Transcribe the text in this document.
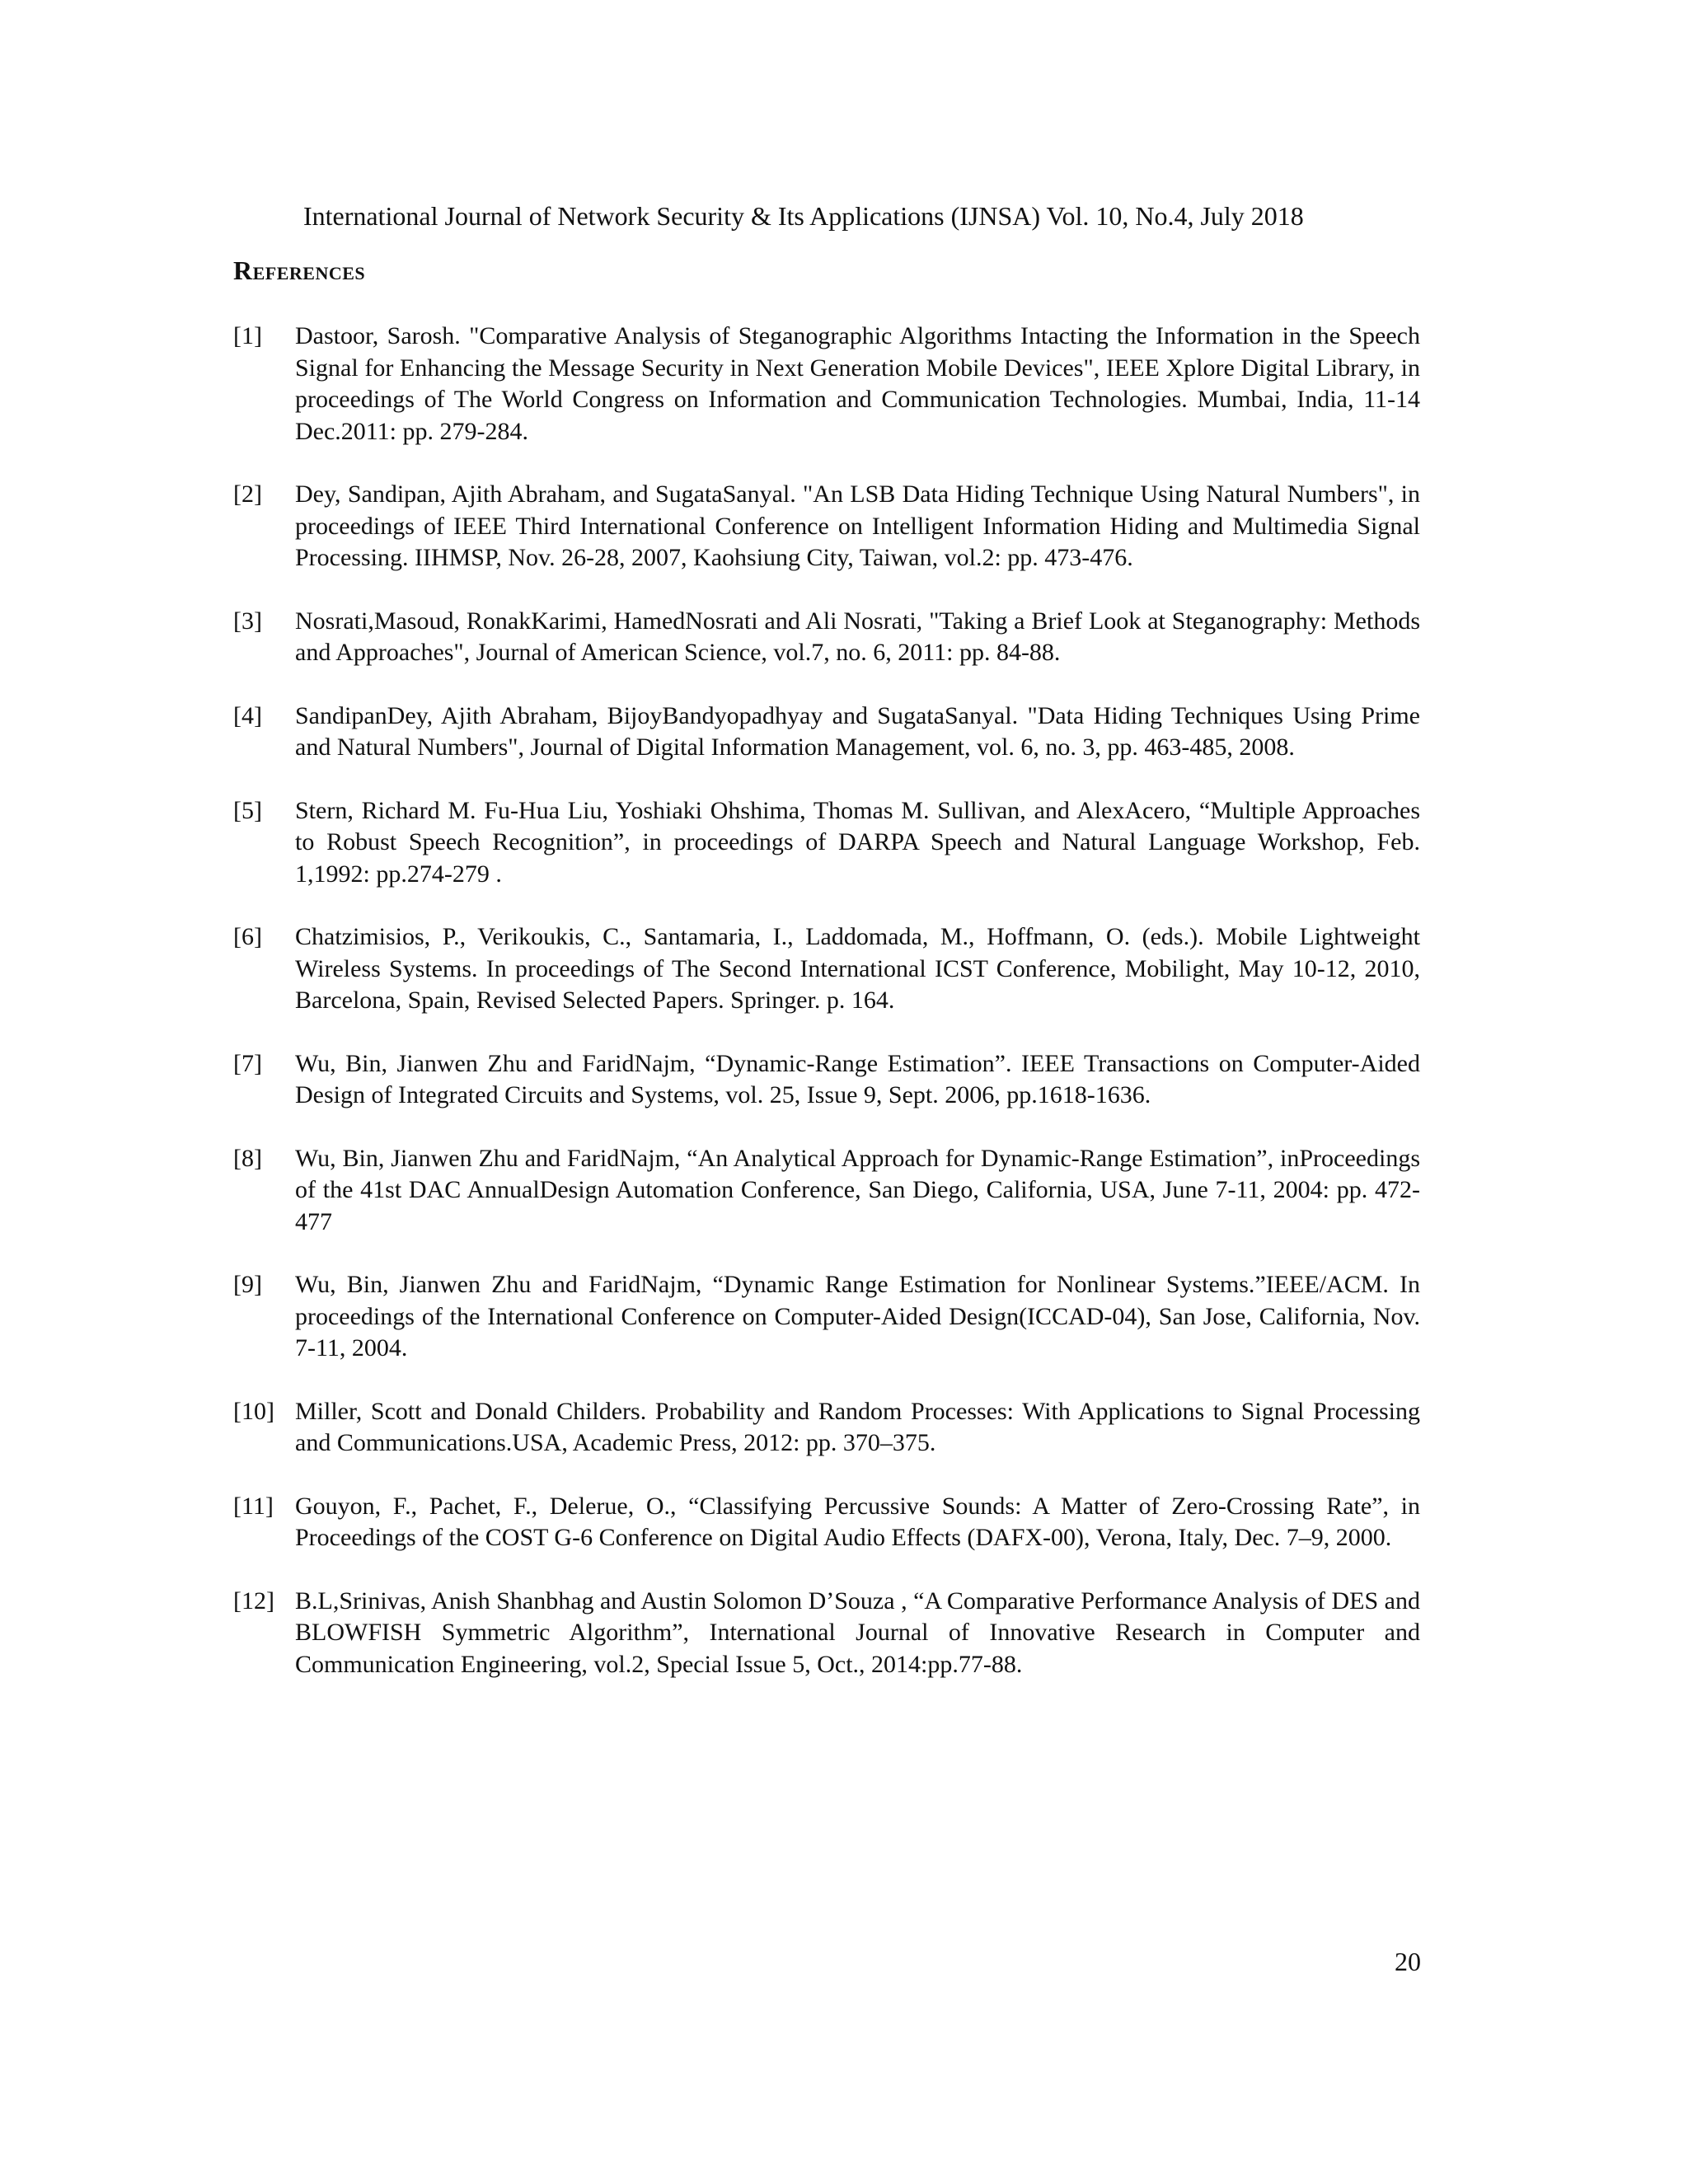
International Journal of Network Security & Its Applications (IJNSA) Vol. 10, No.4, July 2018
References
[1] Dastoor, Sarosh. "Comparative Analysis of Steganographic Algorithms Intacting the Information in the Speech Signal for Enhancing the Message Security in Next Generation Mobile Devices", IEEE Xplore Digital Library, in proceedings of The World Congress on Information and Communication Technologies. Mumbai, India, 11-14 Dec.2011: pp. 279-284.
[2] Dey, Sandipan, Ajith Abraham, and SugataSanyal. "An LSB Data Hiding Technique Using Natural Numbers", in proceedings of IEEE Third International Conference on Intelligent Information Hiding and Multimedia Signal Processing. IIHMSP, Nov. 26-28, 2007, Kaohsiung City, Taiwan, vol.2: pp. 473-476.
[3] Nosrati,Masoud, RonakKarimi, HamedNosrati and Ali Nosrati, "Taking a Brief Look at Steganography: Methods and Approaches", Journal of American Science, vol.7, no. 6, 2011: pp. 84-88.
[4] SandipanDey, Ajith Abraham, BijoyBandyopadhyay and SugataSanyal. "Data Hiding Techniques Using Prime and Natural Numbers", Journal of Digital Information Management, vol. 6, no. 3, pp. 463-485, 2008.
[5] Stern, Richard M. Fu-Hua Liu, Yoshiaki Ohshima, Thomas M. Sullivan, and AlexAcero, “Multiple Approaches to Robust Speech Recognition”, in proceedings of DARPA Speech and Natural Language Workshop, Feb. 1,1992: pp.274-279 .
[6] Chatzimisios, P., Verikoukis, C., Santamaria, I., Laddomada, M., Hoffmann, O. (eds.). Mobile Lightweight Wireless Systems. In proceedings of The Second International ICST Conference, Mobilight, May 10-12, 2010, Barcelona, Spain, Revised Selected Papers. Springer. p. 164.
[7] Wu, Bin, Jianwen Zhu and FaridNajm, “Dynamic-Range Estimation”. IEEE Transactions on Computer-Aided Design of Integrated Circuits and Systems, vol. 25, Issue 9, Sept. 2006, pp.1618-1636.
[8] Wu, Bin, Jianwen Zhu and FaridNajm, “An Analytical Approach for Dynamic-Range Estimation”, inProceedings of the 41st DAC AnnualDesign Automation Conference, San Diego, California, USA, June 7-11, 2004: pp. 472-477
[9] Wu, Bin, Jianwen Zhu and FaridNajm, “Dynamic Range Estimation for Nonlinear Systems.”IEEE/ACM. In proceedings of the International Conference on Computer-Aided Design(ICCAD-04), San Jose, California, Nov. 7-11, 2004.
[10] Miller, Scott and Donald Childers. Probability and Random Processes: With Applications to Signal Processing and Communications.USA, Academic Press, 2012: pp. 370–375.
[11] Gouyon, F., Pachet, F., Delerue, O., “Classifying Percussive Sounds: A Matter of Zero-Crossing Rate”, in Proceedings of the COST G-6 Conference on Digital Audio Effects (DAFX-00), Verona, Italy, Dec. 7–9, 2000.
[12] B.L,Srinivas, Anish Shanbhag and Austin Solomon D’Souza , “A Comparative Performance Analysis of DES and BLOWFISH Symmetric Algorithm”, International Journal of Innovative Research in Computer and Communication Engineering, vol.2, Special Issue 5, Oct., 2014:pp.77-88.
20
